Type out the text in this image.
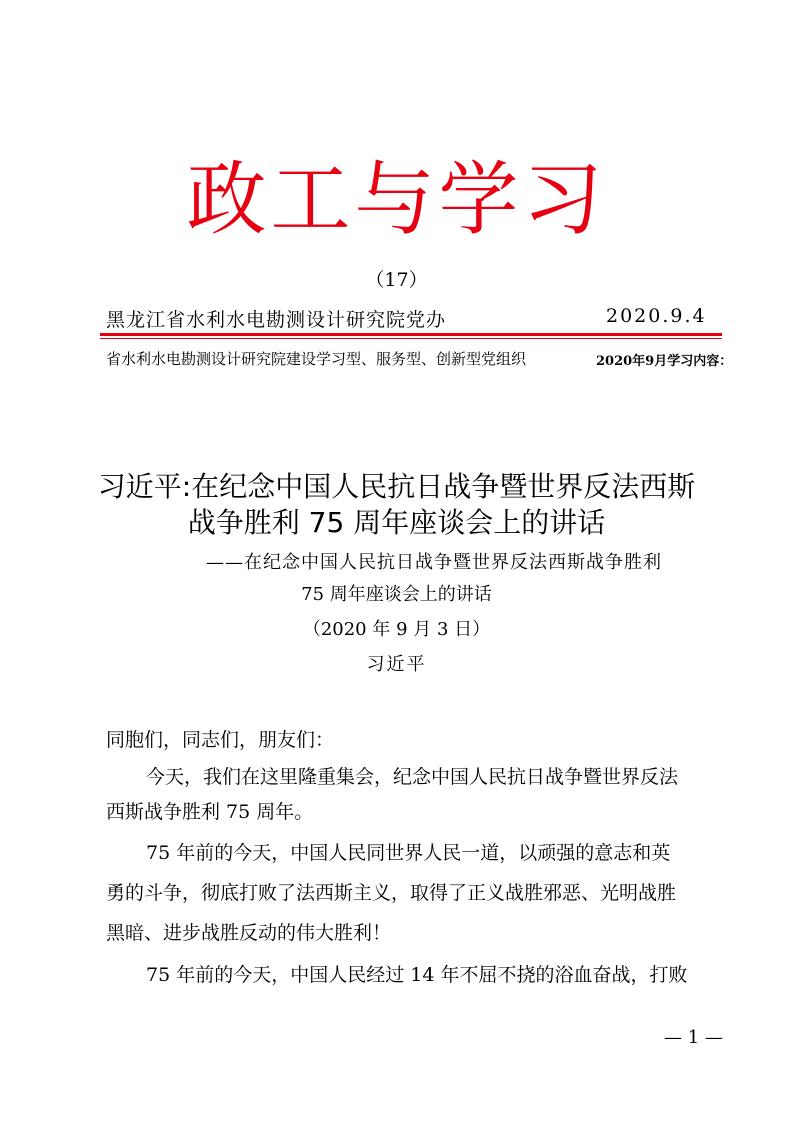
政工与学习
（17）
黑龙江省水利水电勘测设计研究院党办	2020.9.4
省水利水电勘测设计研究院建设学习型、服务型、创新型党组织	2020年9月学习内容：
习近平:在纪念中国人民抗日战争暨世界反法西斯
战争胜利 75 周年座谈会上的讲话
——在纪念中国人民抗日战争暨世界反法西斯战争胜利
75 周年座谈会上的讲话
（2020 年 9 月 3 日）
习近平
同胞们，同志们，朋友们：
今天，我们在这里隆重集会，纪念中国人民抗日战争暨世界反法
西斯战争胜利 75 周年。
75 年前的今天，中国人民同世界人民一道，以顽强的意志和英
勇的斗争，彻底打败了法西斯主义，取得了正义战胜邪恶、光明战胜
黑暗、进步战胜反动的伟大胜利！
75 年前的今天，中国人民经过 14 年不屈不挠的浴血奋战，打败
— 1 —
